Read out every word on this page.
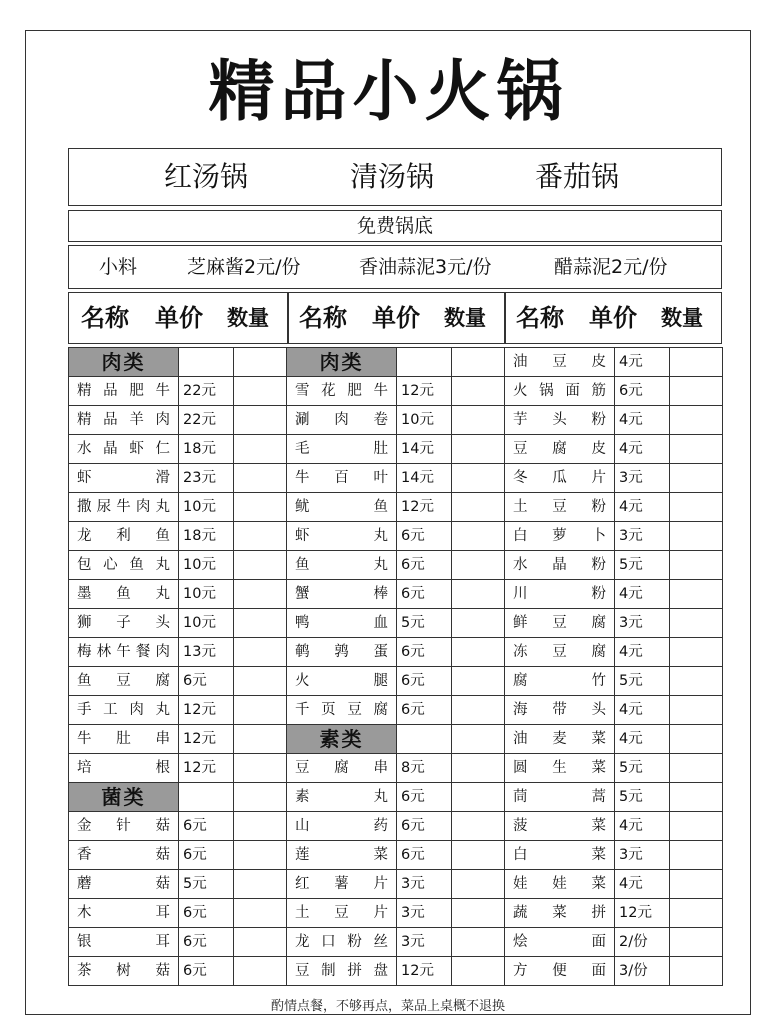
精品小火锅
红汤锅	清汤锅	番茄锅
免费锅底
小料	芝麻酱2元/份	香油蒜泥3元/份	醋蒜泥2元/份
名称 单价 数量 名称 单价 数量 名称 单价 数量
肉类		
精品肥牛	22元	
精品羊肉	22元	
水晶虾仁	18元	
虾滑	23元	
撒尿牛肉丸	10元	
龙利鱼	18元	
包心鱼丸	10元	
墨鱼丸	10元	
狮子头	10元	
梅林午餐肉	13元	
鱼豆腐	6元	
手工肉丸	12元	
牛肚串	12元	
培根	12元	
菌类		
金针菇	6元	
香菇	6元	
蘑菇	5元	
木耳	6元	
银耳	6元	
茶树菇	6元	
肉类		
雪花肥牛	12元	
涮肉卷	10元	
毛肚	14元	
牛百叶	14元	
鱿鱼	12元	
虾丸	6元	
鱼丸	6元	
蟹棒	6元	
鸭血	5元	
鹌鹑蛋	6元	
火腿	6元	
千页豆腐	6元	
素类		
豆腐串	8元	
素丸	6元	
山药	6元	
莲菜	6元	
红薯片	3元	
土豆片	3元	
龙口粉丝	3元	
豆制拼盘	12元	
油豆皮	4元	
火锅面筋	6元	
芋头粉	4元	
豆腐皮	4元	
冬瓜片	3元	
土豆粉	4元	
白萝卜	3元	
水晶粉	5元	
川粉	4元	
鲜豆腐	3元	
冻豆腐	4元	
腐竹	5元	
海带头	4元	
油麦菜	4元	
圆生菜	5元	
茼蒿	5元	
菠菜	4元	
白菜	3元	
娃娃菜	4元	
蔬菜拼	12元	
烩面	2/份	
方便面	3/份	
酌情点餐，不够再点，菜品上桌概不退换
